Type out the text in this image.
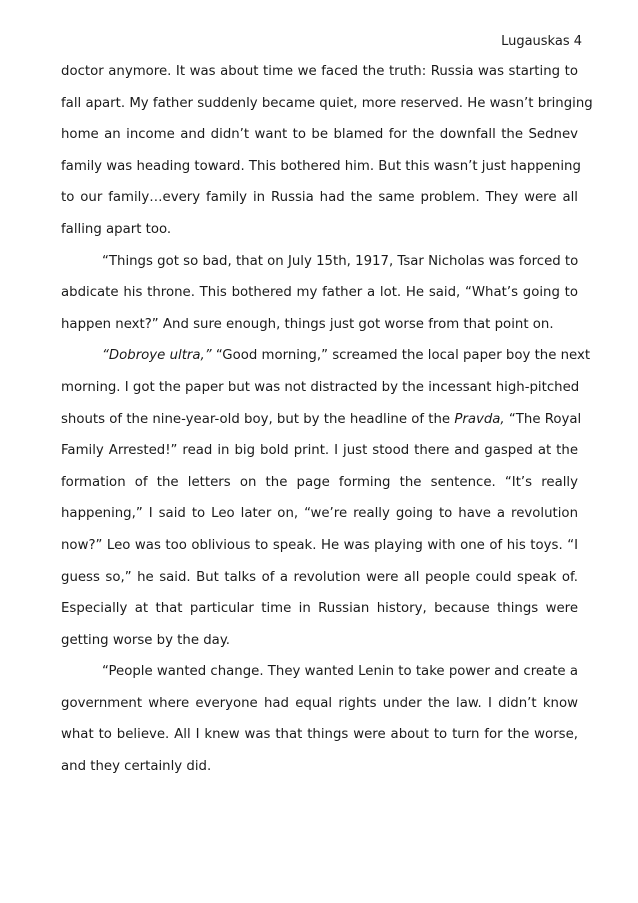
Lugauskas 4
doctor anymore. It was about time we faced the truth: Russia was starting to
fall apart. My father suddenly became quiet, more reserved. He wasn’t bringing
home an income and didn’t want to be blamed for the downfall the Sednev
family was heading toward. This bothered him. But this wasn’t just happening
to our family…every family in Russia had the same problem. They were all
falling apart too.
“Things got so bad, that on July 15th, 1917, Tsar Nicholas was forced to
abdicate his throne. This bothered my father a lot. He said, “What’s going to
happen next?” And sure enough, things just got worse from that point on.
“Dobroye ultra,” “Good morning,” screamed the local paper boy the next
morning. I got the paper but was not distracted by the incessant high-pitched
shouts of the nine-year-old boy, but by the headline of the Pravda, “The Royal
Family Arrested!” read in big bold print. I just stood there and gasped at the
formation of the letters on the page forming the sentence. “It’s really
happening,” I said to Leo later on, “we’re really going to have a revolution
now?” Leo was too oblivious to speak. He was playing with one of his toys. “I
guess so,” he said. But talks of a revolution were all people could speak of.
Especially at that particular time in Russian history, because things were
getting worse by the day.
“People wanted change. They wanted Lenin to take power and create a
government where everyone had equal rights under the law. I didn’t know
what to believe. All I knew was that things were about to turn for the worse,
and they certainly did.
